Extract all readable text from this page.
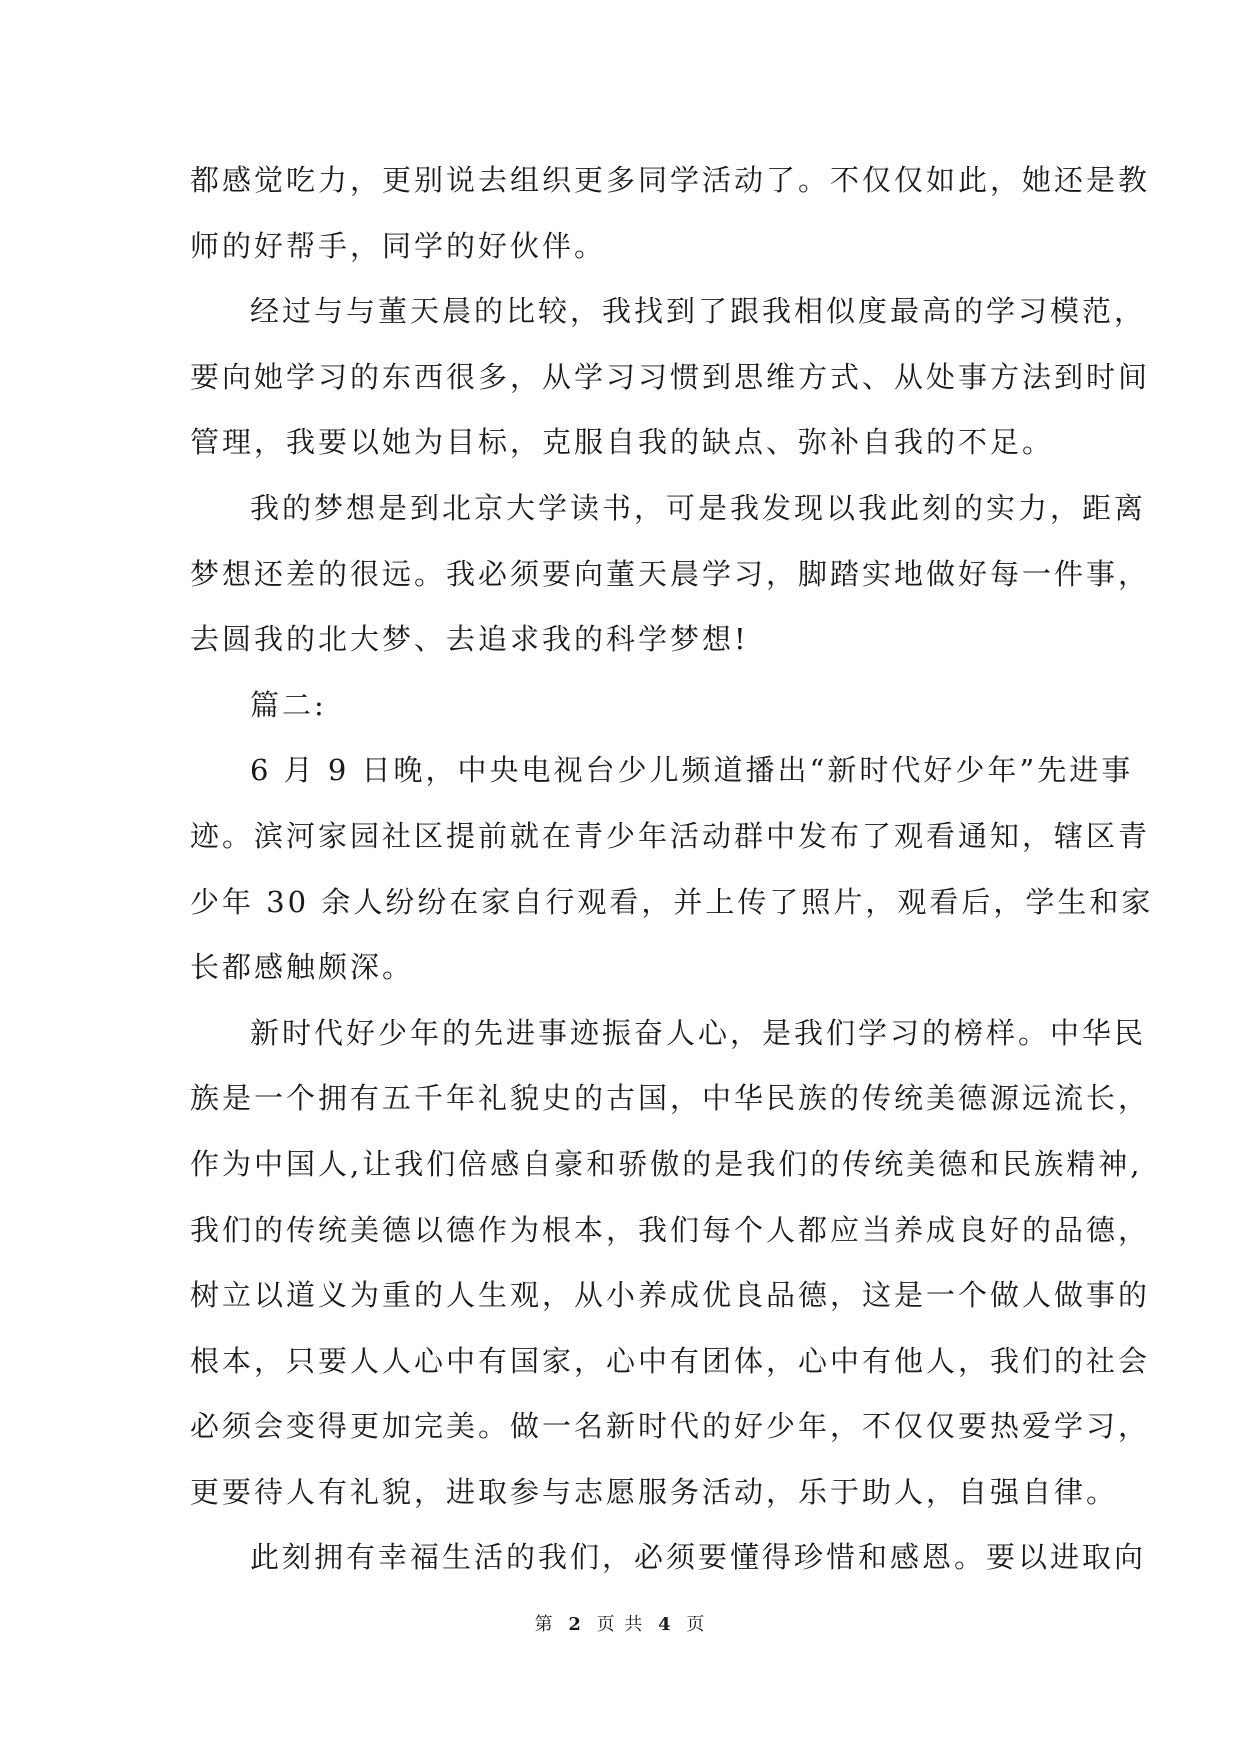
都感觉吃力，更别说去组织更多同学活动了。不仅仅如此，她还是教
师的好帮手，同学的好伙伴。
经过与与董天晨的比较，我找到了跟我相似度最高的学习模范，
要向她学习的东西很多，从学习习惯到思维方式、从处事方法到时间
管理，我要以她为目标，克服自我的缺点、弥补自我的不足。
我的梦想是到北京大学读书，可是我发现以我此刻的实力，距离
梦想还差的很远。我必须要向董天晨学习，脚踏实地做好每一件事，
去圆我的北大梦、去追求我的科学梦想!
篇二:
6 月 9 日晚，中央电视台少儿频道播出“新时代好少年”先进事
迹。滨河家园社区提前就在青少年活动群中发布了观看通知，辖区青
少年 30 余人纷纷在家自行观看，并上传了照片，观看后，学生和家
长都感触颇深。
新时代好少年的先进事迹振奋人心，是我们学习的榜样。中华民
族是一个拥有五千年礼貌史的古国，中华民族的传统美德源远流长，
作为中国人,让我们倍感自豪和骄傲的是我们的传统美德和民族精神,
我们的传统美德以德作为根本，我们每个人都应当养成良好的品德，
树立以道义为重的人生观，从小养成优良品德，这是一个做人做事的
根本，只要人人心中有国家，心中有团体，心中有他人，我们的社会
必须会变得更加完美。做一名新时代的好少年，不仅仅要热爱学习，
更要待人有礼貌，进取参与志愿服务活动，乐于助人，自强自律。
此刻拥有幸福生活的我们，必须要懂得珍惜和感恩。要以进取向
第 2 页 共 4 页
